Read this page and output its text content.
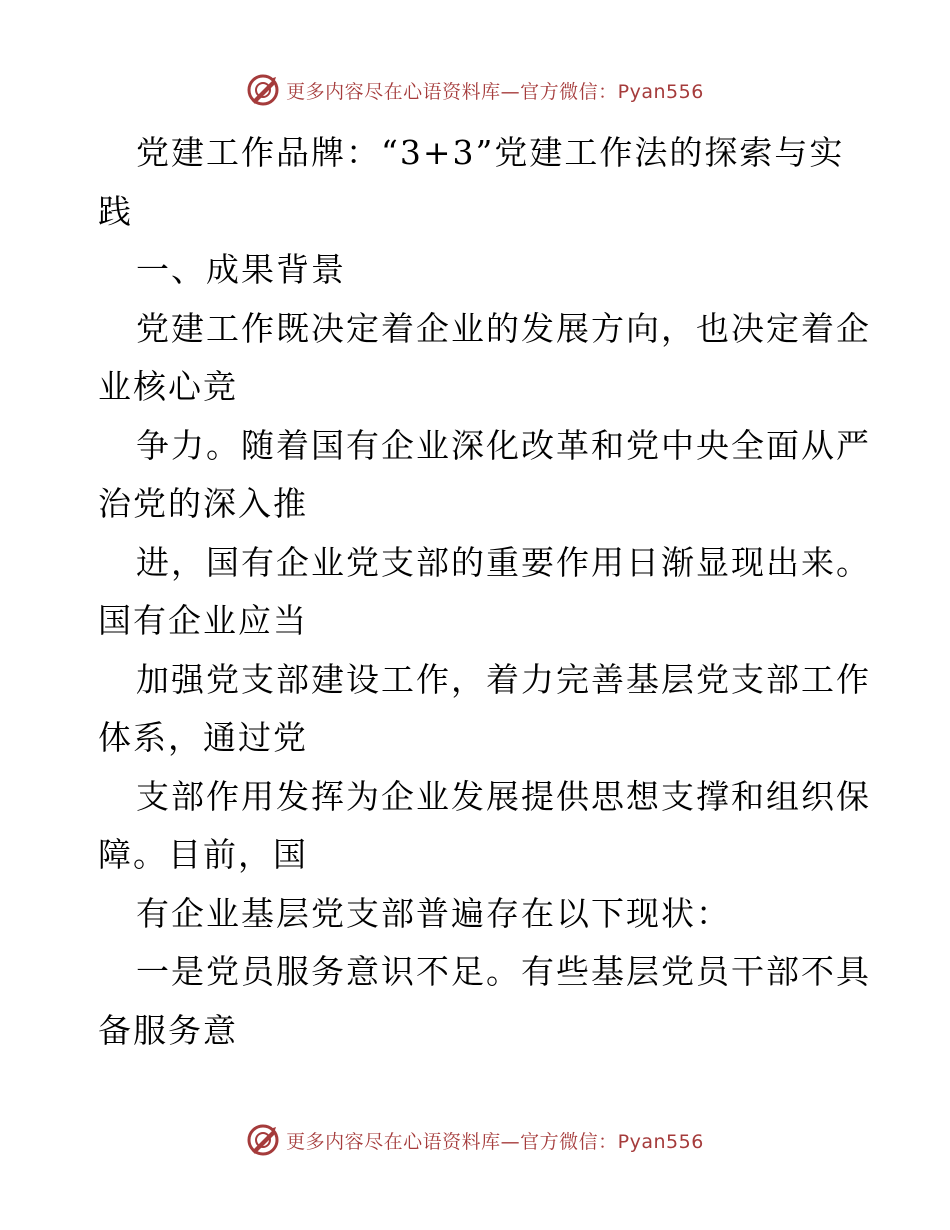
更多内容尽在心语资料库—官方微信：Pyan556
党建工作品牌：“3+3”党建工作法的探索与实
践
一、成果背景
党建工作既决定着企业的发展方向，也决定着企
业核心竞
争力。随着国有企业深化改革和党中央全面从严
治党的深入推
进，国有企业党支部的重要作用日渐显现出来。
国有企业应当
加强党支部建设工作，着力完善基层党支部工作
体系，通过党
支部作用发挥为企业发展提供思想支撑和组织保
障。目前，国
有企业基层党支部普遍存在以下现状：
一是党员服务意识不足。有些基层党员干部不具
备服务意
更多内容尽在心语资料库—官方微信：Pyan556
